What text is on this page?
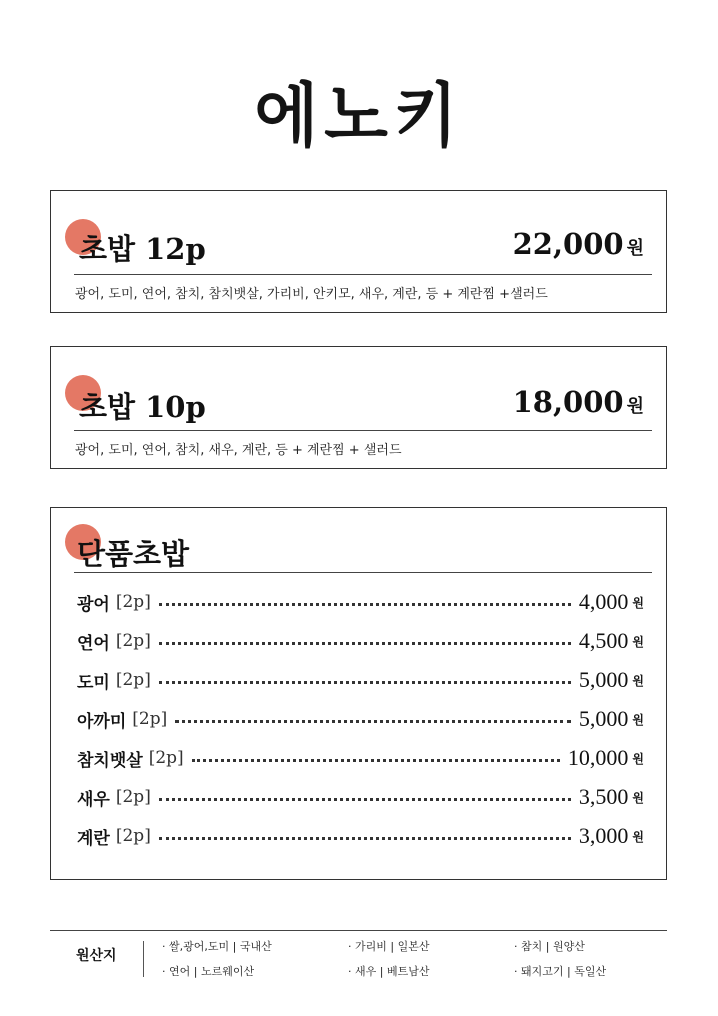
에노키
초밥 12p	22,000 원
광어, 도미, 연어, 참치, 참치뱃살, 가리비, 안키모, 새우, 계란, 등 + 계란찜 +샐러드
초밥 10p	18,000 원
광어, 도미, 연어, 참치, 새우, 계란, 등 + 계란찜 + 샐러드
단품초밥
광어 [2p]	4,000 원
연어 [2p]	4,500 원
도미 [2p]	5,000 원
아까미 [2p]	5,000 원
참치뱃살 [2p]	10,000 원
새우 [2p]	3,500 원
계란 [2p]	3,000 원
원산지
· 쌀,광어,도미 | 국내산	· 가리비 | 일본산	· 참치 | 원양산
· 연어 | 노르웨이산	· 새우 | 베트남산	· 돼지고기 | 독일산
